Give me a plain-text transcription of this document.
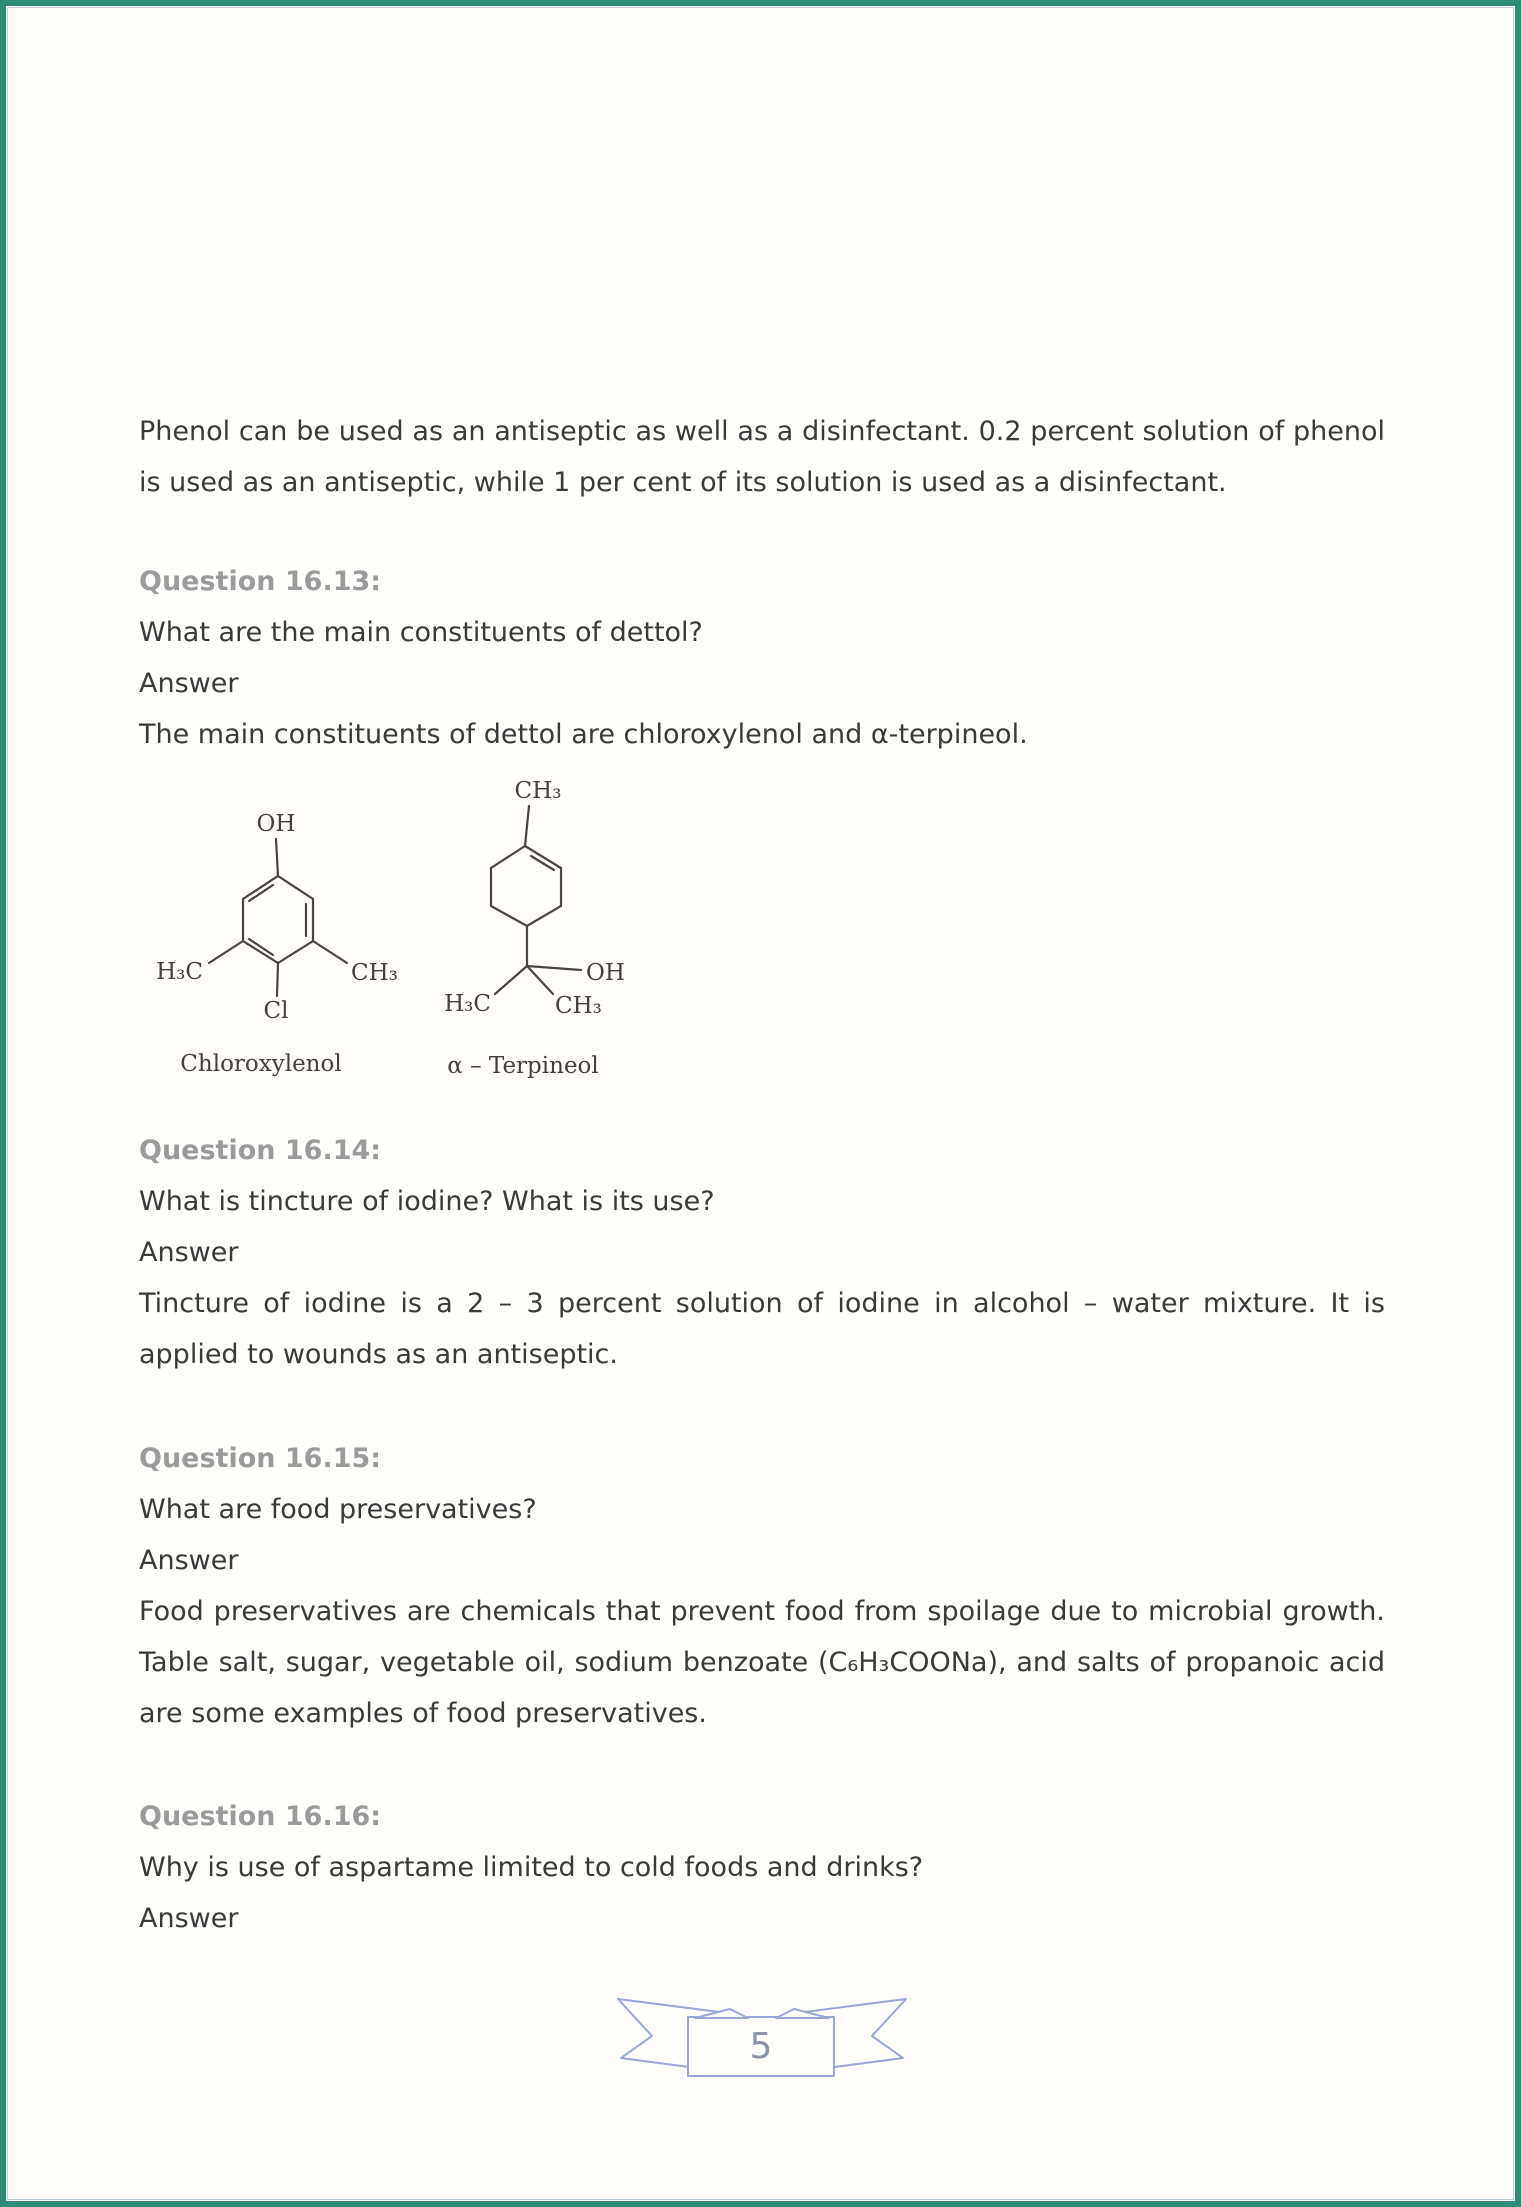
Phenol can be used as an antiseptic as well as a disinfectant. 0.2 percent solution of phenol is used as an antiseptic, while 1 per cent of its solution is used as a disinfectant.

Question 16.13:

What are the main constituents of dettol?

Answer

The main constituents of dettol are chloroxylenol and α-terpineol.

OH
H₃C	CH₃
Cl
Chloroxylenol
CH₃
OH
H₃C	CH₃
α – Terpineol

Question 16.14:

What is tincture of iodine? What is its use?

Answer

Tincture of iodine is a 2 – 3 percent solution of iodine in alcohol – water mixture. It is applied to wounds as an antiseptic.

Question 16.15:

What are food preservatives?

Answer

Food preservatives are chemicals that prevent food from spoilage due to microbial growth. Table salt, sugar, vegetable oil, sodium benzoate (C₆H₃COONa), and salts of propanoic acid are some examples of food preservatives.

Question 16.16:

Why is use of aspartame limited to cold foods and drinks?

Answer

5
